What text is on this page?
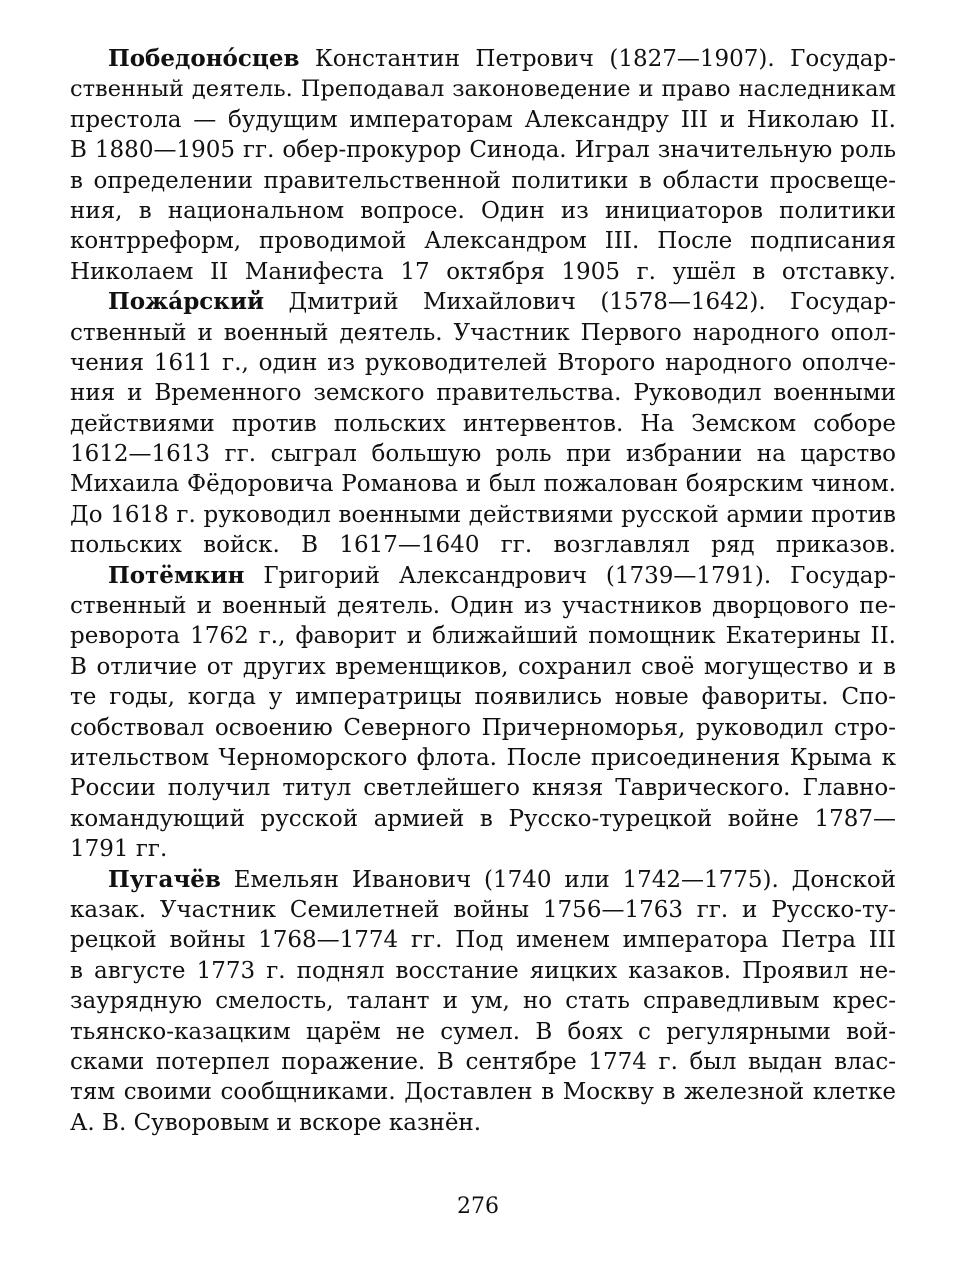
Победоно́сцев Константин Петрович (1827—1907). Государ-
ственный деятель. Преподавал законоведение и право наследникам
престола — будущим императорам Александру III и Николаю II.
В 1880—1905 гг. обер-прокурор Синода. Играл значительную роль
в определении правительственной политики в области просвеще-
ния, в национальном вопросе. Один из инициаторов политики
контрреформ, проводимой Александром III. После подписания
Николаем II Манифеста 17 октября 1905 г. ушёл в отставку.
Пожа́рский Дмитрий Михайлович (1578—1642). Государ-
ственный и военный деятель. Участник Первого народного опол-
чения 1611 г., один из руководителей Второго народного ополче-
ния и Временного земского правительства. Руководил военными
действиями против польских интервентов. На Земском соборе
1612—1613 гг. сыграл большую роль при избрании на царство
Михаила Фёдоровича Романова и был пожалован боярским чином.
До 1618 г. руководил военными действиями русской армии против
польских войск. В 1617—1640 гг. возглавлял ряд приказов.
Потёмкин Григорий Александрович (1739—1791). Государ-
ственный и военный деятель. Один из участников дворцового пе-
реворота 1762 г., фаворит и ближайший помощник Екатерины II.
В отличие от других временщиков, сохранил своё могущество и в
те годы, когда у императрицы появились новые фавориты. Спо-
собствовал освоению Северного Причерноморья, руководил стро-
ительством Черноморского флота. После присоединения Крыма к
России получил титул светлейшего князя Таврического. Главно-
командующий русской армией в Русско-турецкой войне 1787—
1791 гг.
Пугачёв Емельян Иванович (1740 или 1742—1775). Донской
казак. Участник Семилетней войны 1756—1763 гг. и Русско-ту-
рецкой войны 1768—1774 гг. Под именем императора Петра III
в августе 1773 г. поднял восстание яицких казаков. Проявил не-
заурядную смелость, талант и ум, но стать справедливым крес-
тьянско-казацким царём не сумел. В боях с регулярными вой-
сками потерпел поражение. В сентябре 1774 г. был выдан влас-
тям своими сообщниками. Доставлен в Москву в железной клетке
А. В. Суворовым и вскоре казнён.
276
